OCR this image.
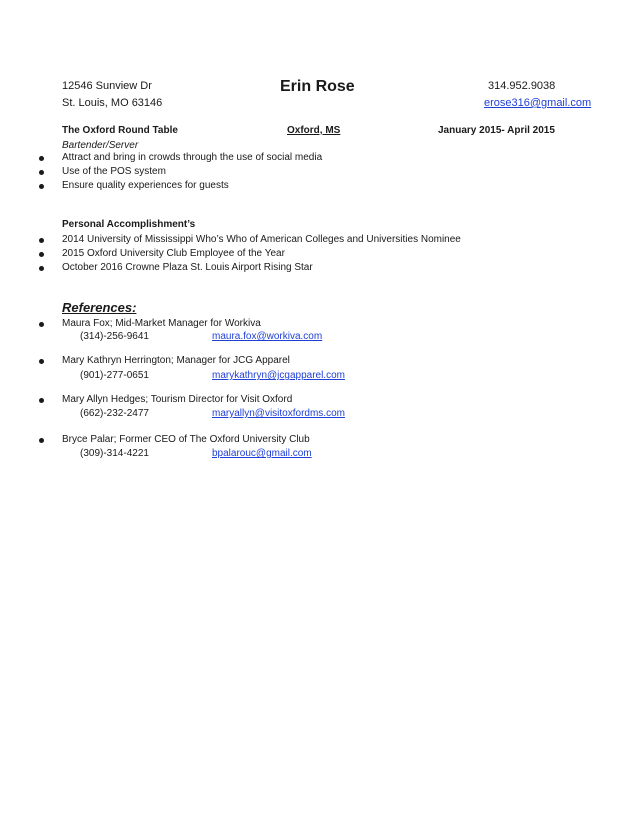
12546 Sunview Dr
St. Louis, MO 63146
Erin Rose	314.952.9038
erose316@gmail.com
The Oxford Round Table	Oxford, MS	January 2015- April 2015
Bartender/Server
Attract and bring in crowds through the use of social media
Use of the POS system
Ensure quality experiences for guests
Personal Accomplishment’s
2014 University of Mississippi Who’s Who of American Colleges and Universities Nominee
2015 Oxford University Club Employee of the Year
October 2016 Crowne Plaza St. Louis Airport Rising Star
References:
Maura Fox; Mid-Market Manager for Workiva
(314)-256-9641	maura.fox@workiva.com
Mary Kathryn Herrington; Manager for JCG Apparel
(901)-277-0651	marykathryn@jcgapparel.com
Mary Allyn Hedges; Tourism Director for Visit Oxford
(662)-232-2477	maryallyn@visitoxfordms.com
Bryce Palar; Former CEO of The Oxford University Club
(309)-314-4221	bpalarouc@gmail.com
